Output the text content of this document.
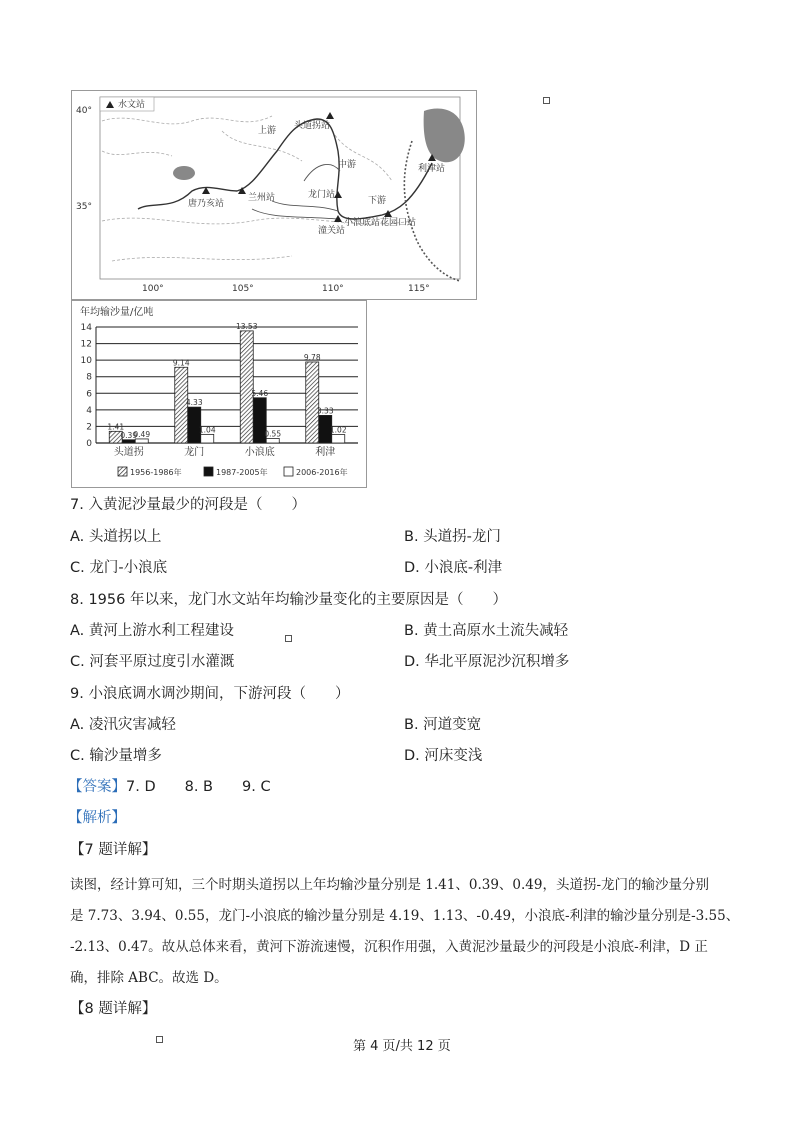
水文站
40°
35°
100°	105°	110°	115°
上游
中游
下游
头道拐站
唐乃亥站
兰州站	龙门站
小浪底站 花园口站
利津站
潼关站
年均输沙量/亿吨
0
2
4
6
8
10
12
14
1.41
0.39
0.49
头道拐
9.14
4.33
1.04
龙门
13.53
5.46
0.55
小浪底
9.78
3.33
1.02
利津
1956-1986年	1987-2005年	2006-2016年
7. 入黄泥沙量最少的河段是（　　）
A. 头道拐以上	B. 头道拐-龙门
C. 龙门-小浪底	D. 小浪底-利津
8. 1956 年以来，龙门水文站年均输沙量变化的主要原因是（　　）
A. 黄河上游水利工程建设	B. 黄土高原水土流失减轻
C. 河套平原过度引水灌溉	D. 华北平原泥沙沉积增多
9. 小浪底调水调沙期间，下游河段（　　）
A. 凌汛灾害减轻	B. 河道变宽
C. 输沙量增多	D. 河床变浅
【答案】7. D　　8. B　　9. C
【解析】
【7 题详解】
读图，经计算可知，三个时期头道拐以上年均输沙量分别是 1.41、0.39、0.49，头道拐-龙门的输沙量分别
是 7.73、3.94、0.55，龙门-小浪底的输沙量分别是 4.19、1.13、-0.49，小浪底-利津的输沙量分别是-3.55、
-2.13、0.47。故从总体来看，黄河下游流速慢，沉积作用强，入黄泥沙量最少的河段是小浪底-利津，D 正
确，排除 ABC。故选 D。
【8 题详解】
第 4 页/共 12 页
